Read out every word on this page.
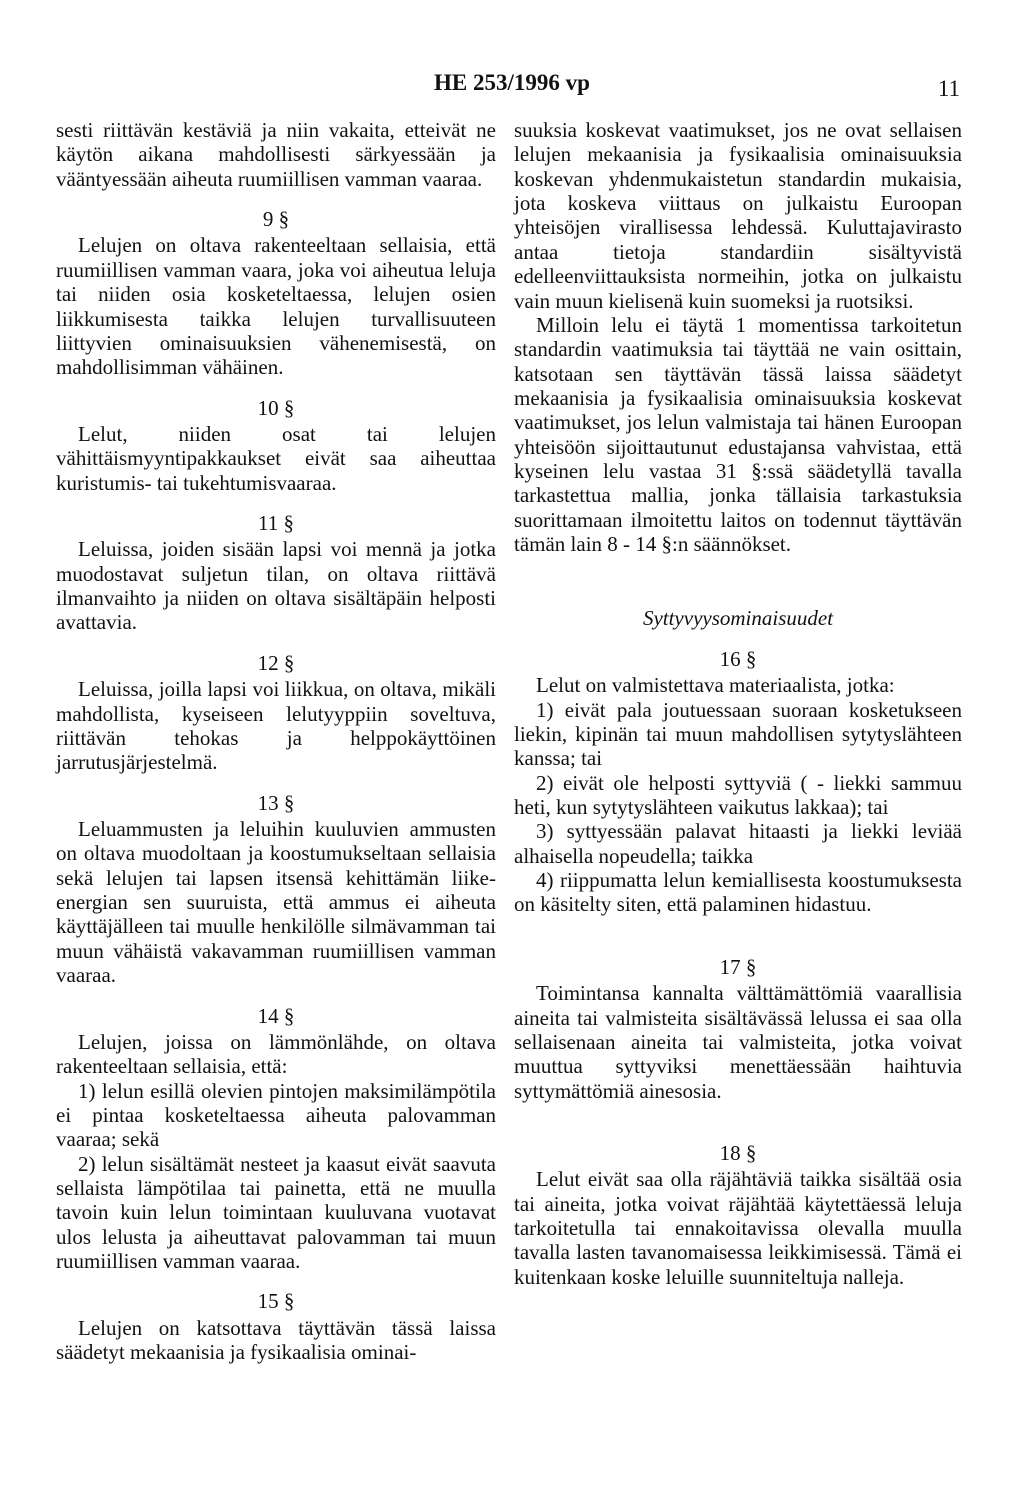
HE 253/1996 vp	11

sesti riittävän kestäviä ja niin vakaita, etteivät ne käytön aikana mahdollisesti särkyessään ja vääntyessään aiheuta ruumiillisen vamman vaaraa.

9 §

Lelujen on oltava rakenteeltaan sellaisia, että ruumiillisen vamman vaara, joka voi aiheutua leluja tai niiden osia kosketeltaessa, lelujen osien liikkumisesta taikka lelujen turvallisuuteen liittyvien ominaisuuksien vähenemisestä, on mahdollisimman vähäinen.

10 §

Lelut, niiden osat tai lelujen vähittäismyyntipakkaukset eivät saa aiheuttaa kuristumis- tai tukehtumisvaaraa.

11 §

Leluissa, joiden sisään lapsi voi mennä ja jotka muodostavat suljetun tilan, on oltava riittävä ilmanvaihto ja niiden on oltava sisältäpäin helposti avattavia.

12 §

Leluissa, joilla lapsi voi liikkua, on oltava, mikäli mahdollista, kyseiseen lelutyyppiin soveltuva, riittävän tehokas ja helppokäyttöinen jarrutusjärjestelmä.

13 §

Leluammusten ja leluihin kuuluvien ammusten on oltava muodoltaan ja koostumukseltaan sellaisia sekä lelujen tai lapsen itsensä kehittämän liike-energian sen suuruista, että ammus ei aiheuta käyttäjälleen tai muulle henkilölle silmävamman tai muun vähäistä vakavamman ruumiillisen vamman vaaraa.

14 §

Lelujen, joissa on lämmönlähde, on oltava rakenteeltaan sellaisia, että:

1) lelun esillä olevien pintojen maksimilämpötila ei pintaa kosketeltaessa aiheuta palovamman vaaraa; sekä

2) lelun sisältämät nesteet ja kaasut eivät saavuta sellaista lämpötilaa tai painetta, että ne muulla tavoin kuin lelun toimintaan kuuluvana vuotavat ulos lelusta ja aiheuttavat palovamman tai muun ruumiillisen vamman vaaraa.

15 §

Lelujen on katsottava täyttävän tässä laissa säädetyt mekaanisia ja fysikaalisia ominai-

suuksia koskevat vaatimukset, jos ne ovat sellaisen lelujen mekaanisia ja fysikaalisia ominaisuuksia koskevan yhdenmukaistetun standardin mukaisia, jota koskeva viittaus on julkaistu Euroopan yhteisöjen virallisessa lehdessä. Kuluttajavirasto antaa tietoja standardiin sisältyvistä edelleenviittauksista normeihin, jotka on julkaistu vain muun kielisenä kuin suomeksi ja ruotsiksi.

Milloin lelu ei täytä 1 momentissa tarkoitetun standardin vaatimuksia tai täyttää ne vain osittain, katsotaan sen täyttävän tässä laissa säädetyt mekaanisia ja fysikaalisia ominaisuuksia koskevat vaatimukset, jos lelun valmistaja tai hänen Euroopan yhteisöön sijoittautunut edustajansa vahvistaa, että kyseinen lelu vastaa 31 §:ssä säädetyllä tavalla tarkastettua mallia, jonka tällaisia tarkastuksia suorittamaan ilmoitettu laitos on todennut täyttävän tämän lain 8 - 14 §:n säännökset.

Syttyvyysominaisuudet
16 §

Lelut on valmistettava materiaalista, jotka:

1) eivät pala joutuessaan suoraan kosketukseen liekin, kipinän tai muun mahdollisen sytytyslähteen kanssa; tai

2) eivät ole helposti syttyviä ( - liekki sammuu heti, kun sytytyslähteen vaikutus lakkaa); tai

3) syttyessään palavat hitaasti ja liekki leviää alhaisella nopeudella; taikka

4) riippumatta lelun kemiallisesta koostumuksesta on käsitelty siten, että palaminen hidastuu.

17 §

Toimintansa kannalta välttämättömiä vaarallisia aineita tai valmisteita sisältävässä lelussa ei saa olla sellaisenaan aineita tai valmisteita, jotka voivat muuttua syttyviksi menettäessään haihtuvia syttymättömiä ainesosia.

18 §

Lelut eivät saa olla räjähtäviä taikka sisältää osia tai aineita, jotka voivat räjähtää käytettäessä leluja tarkoitetulla tai ennakoitavissa olevalla muulla tavalla lasten tavanomaisessa leikkimisessä. Tämä ei kuitenkaan koske leluille suunniteltuja nalleja.
